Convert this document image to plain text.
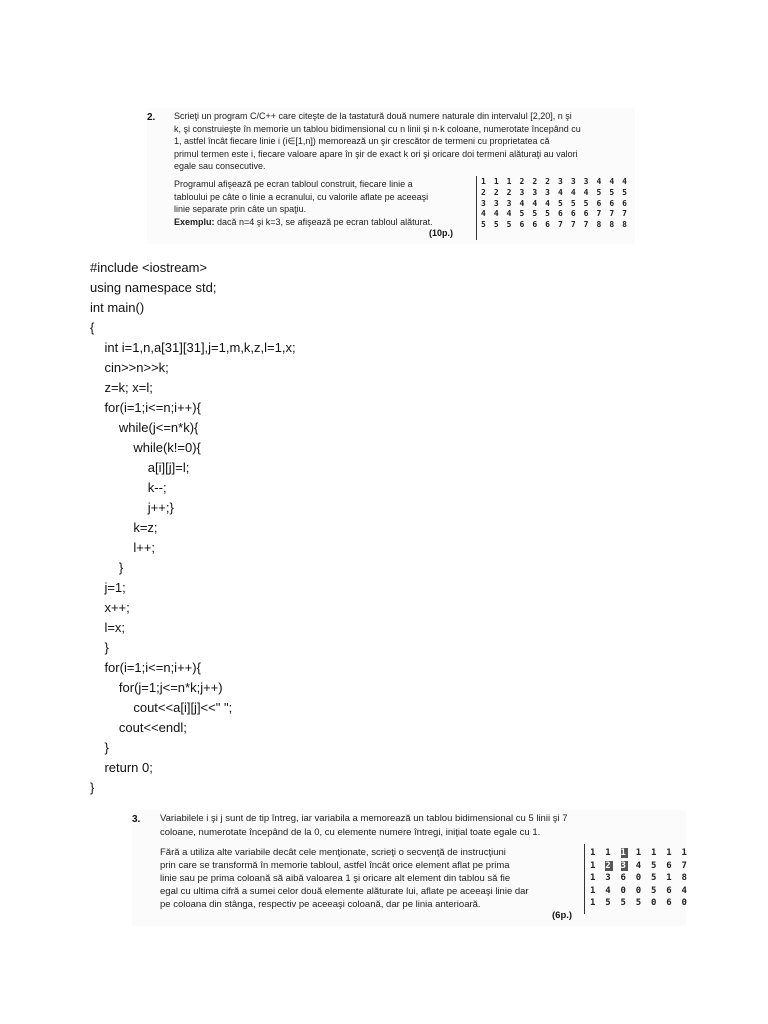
2. Scrieţi un program C/C++ care citeşte de la tastatură două numere naturale din intervalul [2,20], n şi
k, şi construieşte în memorie un tablou bidimensional cu n linii şi n·k coloane, numerotate începând cu
1, astfel încât fiecare linie i (i∈[1,n]) memorează un şir crescător de termeni cu proprietatea că
primul termen este i, fiecare valoare apare în şir de exact k ori şi oricare doi termeni alăturaţi au valori
egale sau consecutive.
Programul afişează pe ecran tabloul construit, fiecare linie a
tabloului pe câte o linie a ecranului, cu valorile aflate pe aceeaşi
linie separate prin câte un spaţiu.
Exemplu: dacă n=4 şi k=3, se afişează pe ecran tabloul alăturat.
(10p.)
1 1 1 2 2 2 3 3 3 4 4 4
2 2 2 3 3 3 4 4 4 5 5 5
3 3 3 4 4 4 5 5 5 6 6 6
4 4 4 5 5 5 6 6 6 7 7 7
5 5 5 6 6 6 7 7 7 8 8 8
#include <iostream>
using namespace std;
int main()
{
int i=1,n,a[31][31],j=1,m,k,z,l=1,x;
cin>>n>>k;
z=k; x=l;
for(i=1;i<=n;i++){
while(j<=n*k){
while(k!=0){
a[i][j]=l;
k--;
j++;}
k=z;
l++;
}
j=1;
x++;
l=x;
}
for(i=1;i<=n;i++){
for(j=1;j<=n*k;j++)
cout<<a[i][j]<<" ";
cout<<endl;
}
return 0;
}
3. Variabilele i şi j sunt de tip întreg, iar variabila a memorează un tablou bidimensional cu 5 linii şi 7
coloane, numerotate începând de la 0, cu elemente numere întregi, iniţial toate egale cu 1.
Fără a utiliza alte variabile decât cele menţionate, scrieţi o secvenţă de instrucţiuni
prin care se transformă în memorie tabloul, astfel încât orice element aflat pe prima
linie sau pe prima coloană să aibă valoarea 1 şi oricare alt element din tablou să fie
egal cu ultima cifră a sumei celor două elemente alăturate lui, aflate pe aceeaşi linie dar
pe coloana din stânga, respectiv pe aceeaşi coloană, dar pe linia anterioară.
(6p.)
1 1 1 1 1 1 1
1 2 3 4 5 6 7
1 3 6 0 5 1 8
1 4 0 0 5 6 4
1 5 5 5 0 6 0
